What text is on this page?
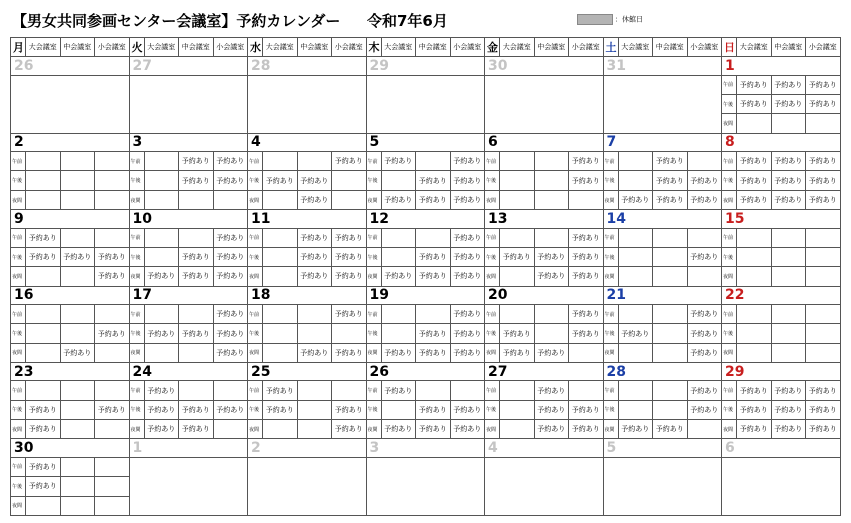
【男女共同参画センター会議室】予約カレンダー 令和7年6月	：休館日
月	大会議室	中会議室	小会議室	火	大会議室	中会議室	小会議室	水	大会議室	中会議室	小会議室	木	大会議室	中会議室	小会議室	金	大会議室	中会議室	小会議室	土	大会議室	中会議室	小会議室	日	大会議室	中会議室	小会議室
26				27				28				29				30				31				1			
																								午前	予約あり	予約あり	予約あり
																								午後	予約あり	予約あり	予約あり
																								夜間			
2				3				4				5				6				7				8			
午前				午前		予約あり	予約あり	午前			予約あり	午前	予約あり		予約あり	午前			予約あり	午前		予約あり		午前	予約あり	予約あり	予約あり
午後				午後		予約あり	予約あり	午後	予約あり	予約あり		午後		予約あり	予約あり	午後			予約あり	午後		予約あり	予約あり	午後	予約あり	予約あり	予約あり
夜間				夜間				夜間		予約あり		夜間	予約あり	予約あり	予約あり	夜間				夜間	予約あり	予約あり	予約あり	夜間	予約あり	予約あり	予約あり
9				10				11				12				13				14				15			
午前	予約あり			午前			予約あり	午前		予約あり	予約あり	午前			予約あり	午前			予約あり	午前				午前			
午後	予約あり	予約あり	予約あり	午後		予約あり	予約あり	午後		予約あり	予約あり	午後		予約あり	予約あり	午後	予約あり	予約あり	予約あり	午後			予約あり	午後			
夜間			予約あり	夜間	予約あり	予約あり	予約あり	夜間		予約あり	予約あり	夜間	予約あり	予約あり	予約あり	夜間		予約あり	予約あり	夜間				夜間			
16				17				18				19				20				21				22			
午前				午前			予約あり	午前			予約あり	午前			予約あり	午前			予約あり	午前			予約あり	午前			
午後			予約あり	午後	予約あり	予約あり	予約あり	午後				午後		予約あり	予約あり	午後	予約あり		予約あり	午後	予約あり		予約あり	午後			
夜間		予約あり		夜間			予約あり	夜間		予約あり	予約あり	夜間	予約あり	予約あり	予約あり	夜間	予約あり	予約あり		夜間			予約あり	夜間			
23				24				25				26				27				28				29			
午前				午前	予約あり			午前	予約あり			午前	予約あり			午前		予約あり		午前			予約あり	午前	予約あり	予約あり	予約あり
午後	予約あり		予約あり	午後	予約あり	予約あり	予約あり	午後	予約あり		予約あり	午後		予約あり	予約あり	午後		予約あり	予約あり	午後			予約あり	午後	予約あり	予約あり	予約あり
夜間	予約あり			夜間	予約あり	予約あり		夜間			予約あり	夜間	予約あり	予約あり	予約あり	夜間		予約あり	予約あり	夜間	予約あり	予約あり		夜間	予約あり	予約あり	予約あり
30				1				2				3				4				5				6			
午前	予約あり																										
午後	予約あり																										
夜間																											
